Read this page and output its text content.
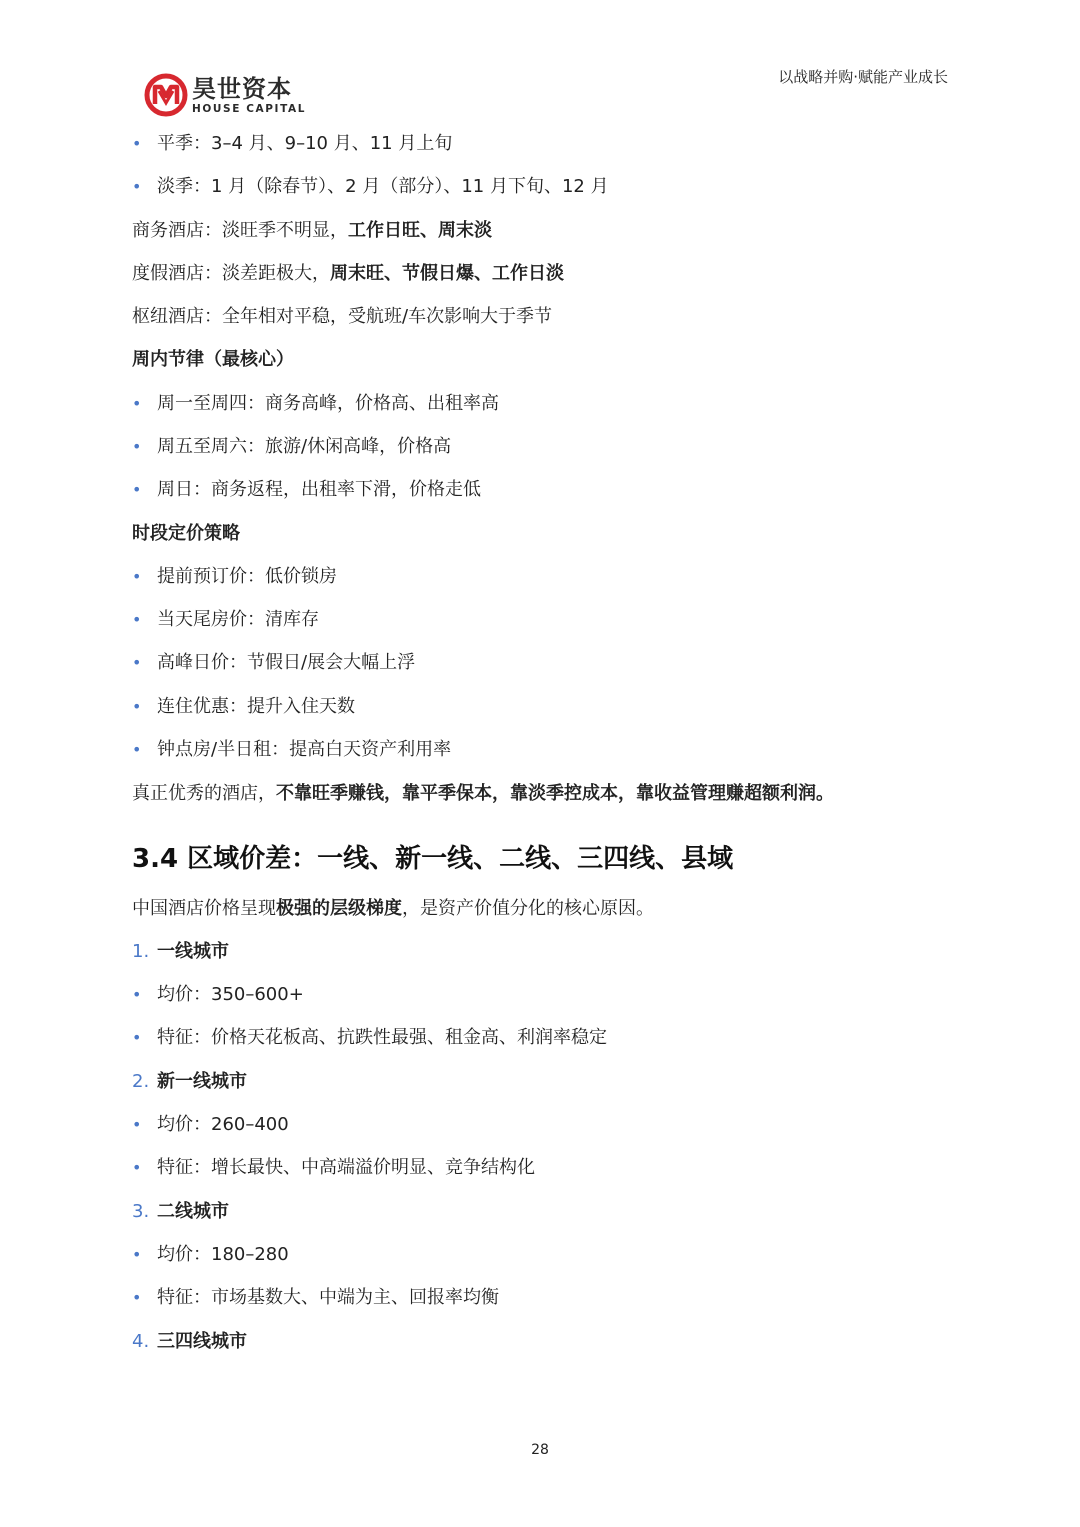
昊世资本
HOUSE CAPITAL
以战略并购·赋能产业成长
• 平季：3–4 月、9–10 月、11 月上旬
• 淡季：1 月（除春节）、2 月（部分）、11 月下旬、12 月
商务酒店：淡旺季不明显，工作日旺、周末淡
度假酒店：淡差距极大，周末旺、节假日爆、工作日淡
枢纽酒店：全年相对平稳，受航班/车次影响大于季节
周内节律（最核心）
• 周一至周四：商务高峰，价格高、出租率高
• 周五至周六：旅游/休闲高峰，价格高
• 周日：商务返程，出租率下滑，价格走低
时段定价策略
• 提前预订价：低价锁房
• 当天尾房价：清库存
• 高峰日价：节假日/展会大幅上浮
• 连住优惠：提升入住天数
• 钟点房/半日租：提高白天资产利用率
真正优秀的酒店，不靠旺季赚钱，靠平季保本，靠淡季控成本，靠收益管理赚超额利润。
3.4 区域价差：一线、新一线、二线、三四线、县域
中国酒店价格呈现极强的层级梯度，是资产价值分化的核心原因。
1. 一线城市
• 均价：350–600+
• 特征：价格天花板高、抗跌性最强、租金高、利润率稳定
2. 新一线城市
• 均价：260–400
• 特征：增长最快、中高端溢价明显、竞争结构化
3. 二线城市
• 均价：180–280
• 特征：市场基数大、中端为主、回报率均衡
4. 三四线城市
28
